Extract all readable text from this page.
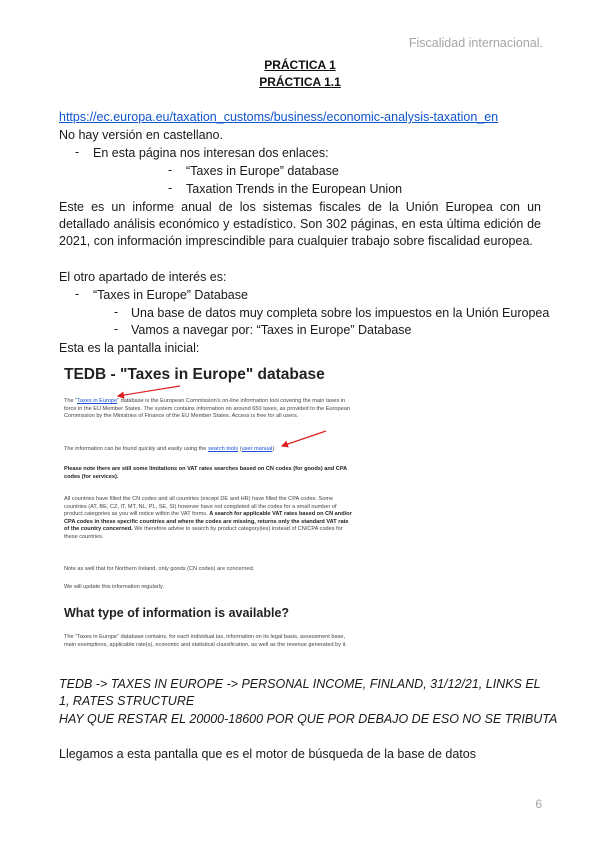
Fiscalidad internacional.
PRÁCTICA 1
PRÁCTICA 1.1
https://ec.europa.eu/taxation_customs/business/economic-analysis-taxation_en
No hay versión en castellano.
- En esta página nos interesan dos enlaces:
- “Taxes in Europe” database
- Taxation Trends in the European Union
Este es un informe anual de los sistemas fiscales de la Unión Europea con un detallado análisis económico y estadístico. Son 302 páginas, en esta última edición de 2021, con información imprescindible para cualquier trabajo sobre fiscalidad europea.
El otro apartado de interés es:
- “Taxes in Europe” Database
- Una base de datos muy completa sobre los impuestos en la Unión Europea
- Vamos a navegar por: “Taxes in Europe” Database
Esta es la pantalla inicial:
TEDB - "Taxes in Europe" database
The “Taxes in Europe” database is the European Commission's on-line information tool covering the main taxes in force in the EU Member States. The system contains information on around 650 taxes, as provided to the European Commission by the Ministries of Finance of the EU Member States. Access is free for all users.
The information can be found quickly and easily using the search tools (user manual).
Please note there are still some limitations on VAT rates searches based on CN codes (for goods) and CPA codes (for services).
All countries have filled the CN codes and all countries (except DE and HR) have filled the CPA codes. Some countries (AT, BE, CZ, IT, MT, NL, PL, SE, SI) however have not completed all the codes for a small number of product categories as you will notice within the VAT forms. A search for applicable VAT rates based on CN and/or CPA codes in these specific countries and where the codes are missing, returns only the standard VAT rate of the country concerned. We therefore advise to search by product category(ies) instead of CN/CPA codes for these countries.
Note as well that for Northern Ireland, only goods (CN codes) are concerned.
We will update this information regularly.
What type of information is available?
The “Taxes in Europe” database contains, for each individual tax, information on its legal basis, assessment base, main exemptions, applicable rate(s), economic and statistical classification, as well as the revenue generated by it.
TEDB -> TAXES IN EUROPE -> PERSONAL INCOME, FINLAND, 31/12/21, LINKS EL 1, RATES STRUCTURE
HAY QUE RESTAR EL 20000-18600 POR QUE POR DEBAJO DE ESO NO SE TRIBUTA
Llegamos a esta pantalla que es el motor de búsqueda de la base de datos
6
